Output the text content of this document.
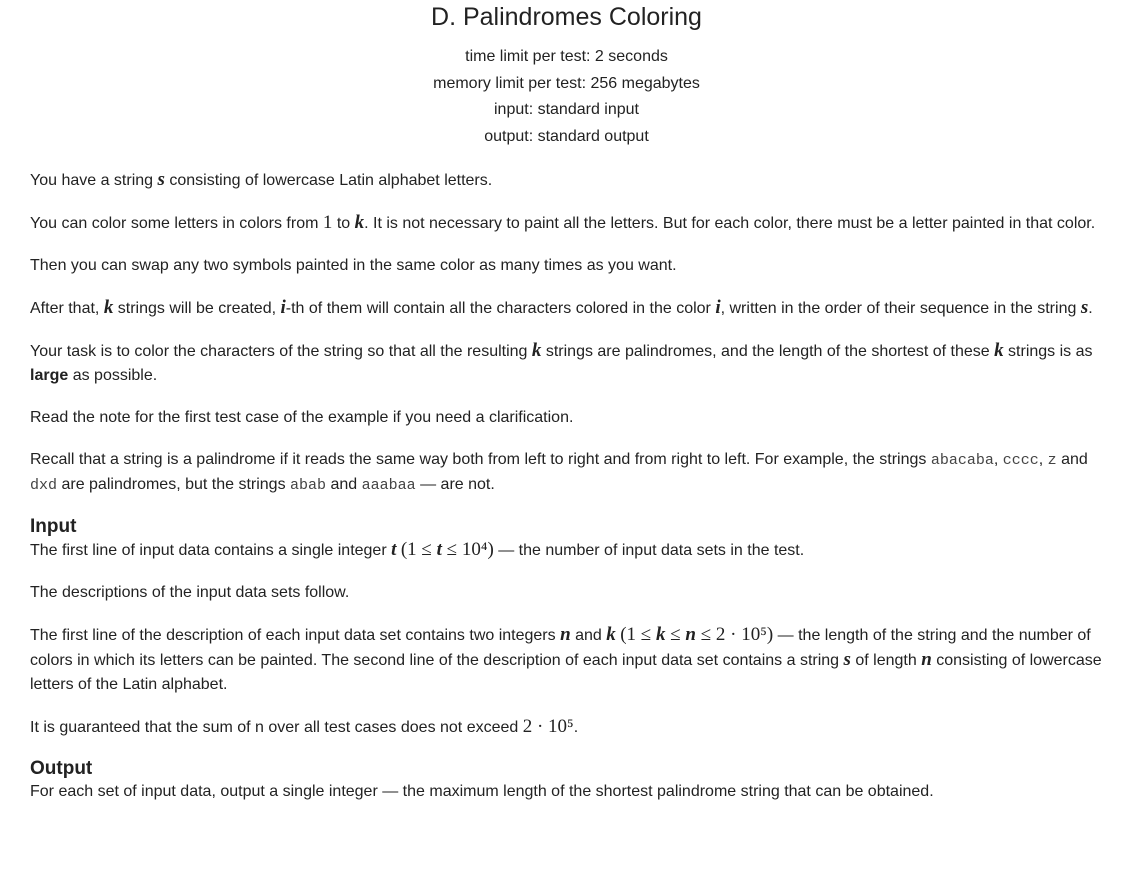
D. Palindromes Coloring
time limit per test: 2 seconds
memory limit per test: 256 megabytes
input: standard input
output: standard output

You have a string s consisting of lowercase Latin alphabet letters.

You can color some letters in colors from 1 to k. It is not necessary to paint all the letters. But for each color, there must be a letter painted in that color.

Then you can swap any two symbols painted in the same color as many times as you want.

After that, k strings will be created, i-th of them will contain all the characters colored in the color i, written in the order of their sequence in the string s.

Your task is to color the characters of the string so that all the resulting k strings are palindromes, and the length of the shortest of these k strings is as large as possible.

Read the note for the first test case of the example if you need a clarification.

Recall that a string is a palindrome if it reads the same way both from left to right and from right to left. For example, the strings abacaba, cccc, z and dxd are palindromes, but the strings abab and aaabaa — are not.

Input

The first line of input data contains a single integer t (1 ≤ t ≤ 10⁴) — the number of input data sets in the test.

The descriptions of the input data sets follow.

The first line of the description of each input data set contains two integers n and k (1 ≤ k ≤ n ≤ 2 · 10⁵) — the length of the string and the number of colors in which its letters can be painted. The second line of the description of each input data set contains a string s of length n consisting of lowercase letters of the Latin alphabet.

It is guaranteed that the sum of n over all test cases does not exceed 2 · 10⁵.

Output

For each set of input data, output a single integer — the maximum length of the shortest palindrome string that can be obtained.
